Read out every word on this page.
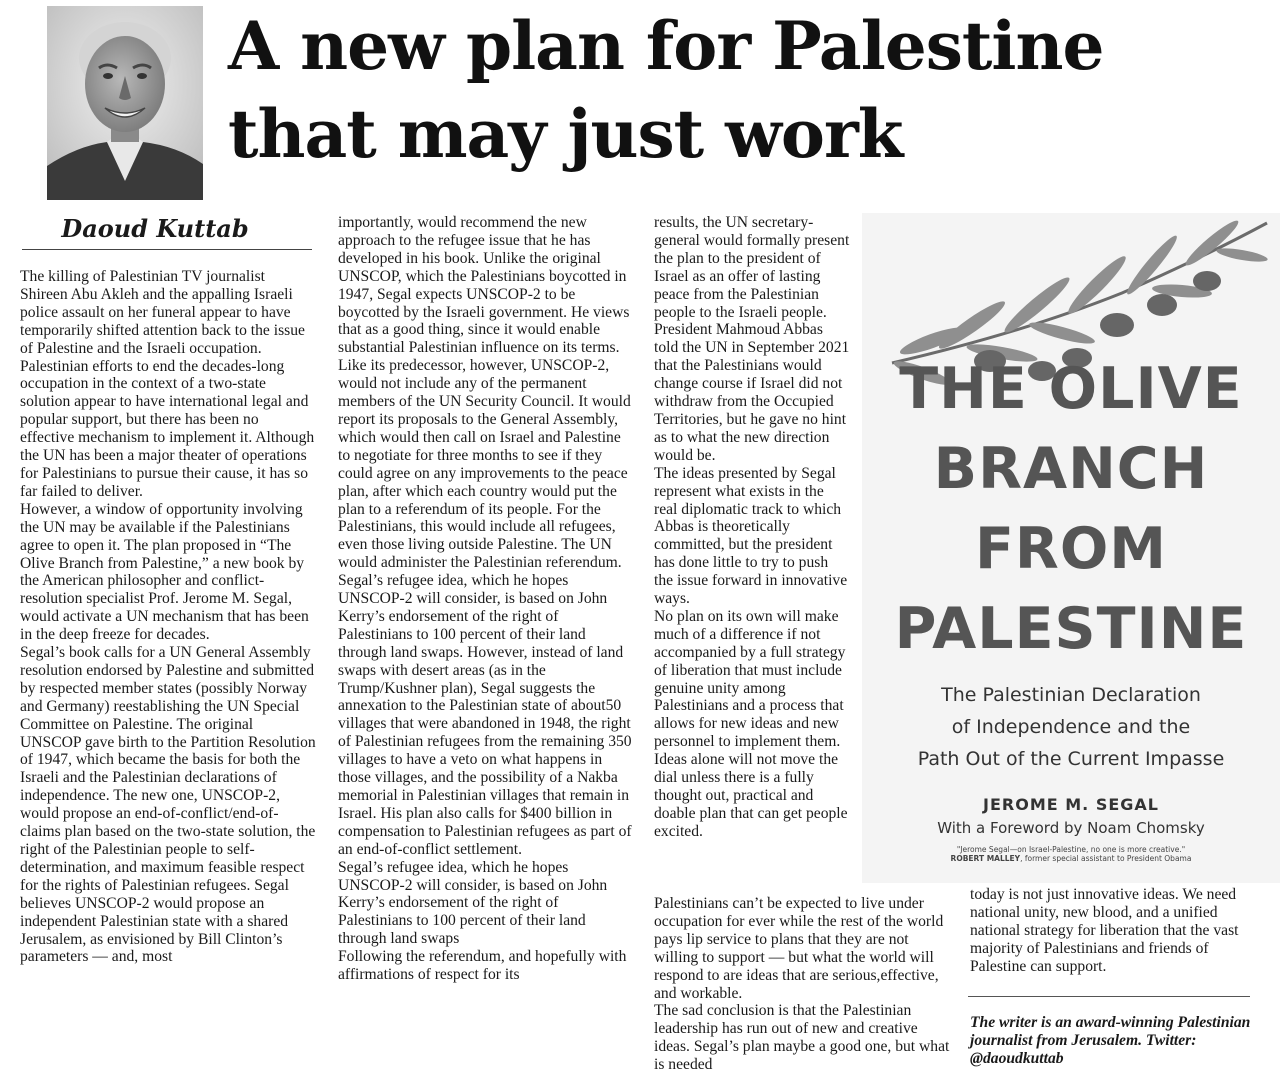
A new plan for Palestine
that may just work
Daoud Kuttab

The killing of Palestinian TV journalist Shireen Abu Akleh and the appalling Israeli police assault on her funeral appear to have temporarily shifted attention back to the issue of Palestine and the Israeli occupation.

Palestinian efforts to end the decades-long occupation in the context of a two-state solution appear to have international legal and popular support, but there has been no effective mechanism to implement it. Although the UN has been a major theater of operations for Palestinians to pursue their cause, it has so far failed to deliver.

However, a window of opportunity involving the UN may be available if the Palestinians agree to open it. The plan proposed in “The Olive Branch from Palestine,” a new book by the American philosopher and conflict-resolution specialist Prof. Jerome M. Segal, would activate a UN mechanism that has been in the deep freeze for decades.

Segal’s book calls for a UN General Assembly resolution endorsed by Palestine and submitted by respected member states (possibly Norway and Germany) reestablishing the UN Special Committee on Palestine. The original UNSCOP gave birth to the Partition Resolution of 1947, which became the basis for both the Israeli and the Palestinian declarations of independence. The new one, UNSCOP-2, would propose an end-of-conflict/end-of-claims plan based on the two-state solution, the right of the Palestinian people to self-determination, and maximum feasible respect for the rights of Palestinian refugees. Segal believes UNSCOP-2 would propose an independent Palestinian state with a shared Jerusalem, as envisioned by Bill Clinton’s parameters — and, most

importantly, would recommend the new approach to the refugee issue that he has developed in his book. Unlike the original UNSCOP, which the Palestinians boycotted in 1947, Segal expects UNSCOP-2 to be boycotted by the Israeli government. He views that as a good thing, since it would enable substantial Palestinian influence on its terms. Like its predecessor, however, UNSCOP-2, would not include any of the permanent members of the UN Security Council. It would report its proposals to the General Assembly, which would then call on Israel and Palestine to negotiate for three months to see if they could agree on any improvements to the peace plan, after which each country would put the plan to a referendum of its people. For the Palestinians, this would include all refugees, even those living outside Palestine. The UN would administer the Palestinian referendum.

Segal’s refugee idea, which he hopes UNSCOP-2 will consider, is based on John Kerry’s endorsement of the right of Palestinians to 100 percent of their land through land swaps. However, instead of land swaps with desert areas (as in the Trump/Kushner plan), Segal suggests the annexation to the Palestinian state of about50 villages that were abandoned in 1948, the right of Palestinian refugees from the remaining 350 villages to have a veto on what happens in those villages, and the possibility of a Nakba memorial in Palestinian villages that remain in Israel. His plan also calls for $400 billion in compensation to Palestinian refugees as part of an end-of-conflict settlement.

Segal’s refugee idea, which he hopes UNSCOP-2 will consider, is based on John Kerry’s endorsement of the right of Palestinians to 100 percent of their land through land swaps

Following the referendum, and hopefully with affirmations of respect for its

results, the UN secretary-general would formally present the plan to the president of Israel as an offer of lasting peace from the Palestinian people to the Israeli people.

President Mahmoud Abbas told the UN in September 2021 that the Palestinians would change course if Israel did not withdraw from the Occupied Territories, but he gave no hint as to what the new direction would be.

The ideas presented by Segal represent what exists in the real diplomatic track to which Abbas is theoretically committed, but the president has done little to try to push the issue forward in innovative ways.

No plan on its own will make much of a difference if not accompanied by a full strategy of liberation that must include genuine unity among Palestinians and a process that allows for new ideas and new personnel to implement them. Ideas alone will not move the dial unless there is a fully thought out, practical and doable plan that can get people excited.

Palestinians can’t be expected to live under occupation for ever while the rest of the world pays lip service to plans that they are not willing to support — but what the world will respond to are ideas that are serious,effective, and workable.

The sad conclusion is that the Palestinian leadership has run out of new and creative ideas. Segal’s plan maybe a good one, but what is needed

today is not just innovative ideas. We need national unity, new blood, and a unified national strategy for liberation that the vast majority of Palestinians and friends of Palestine can support.

The writer is an award-winning Palestinian journalist from Jerusalem. Twitter: @daoudkuttab

THE OLIVE
BRANCH
FROM
PALESTINE
The Palestinian Declaration
of Independence and the
Path Out of the Current Impasse
JEROME M. SEGAL
With a Foreword by Noam Chomsky
"Jerome Segal—on Israel-Palestine, no one is more creative."
ROBERT MALLEY, former special assistant to President Obama
